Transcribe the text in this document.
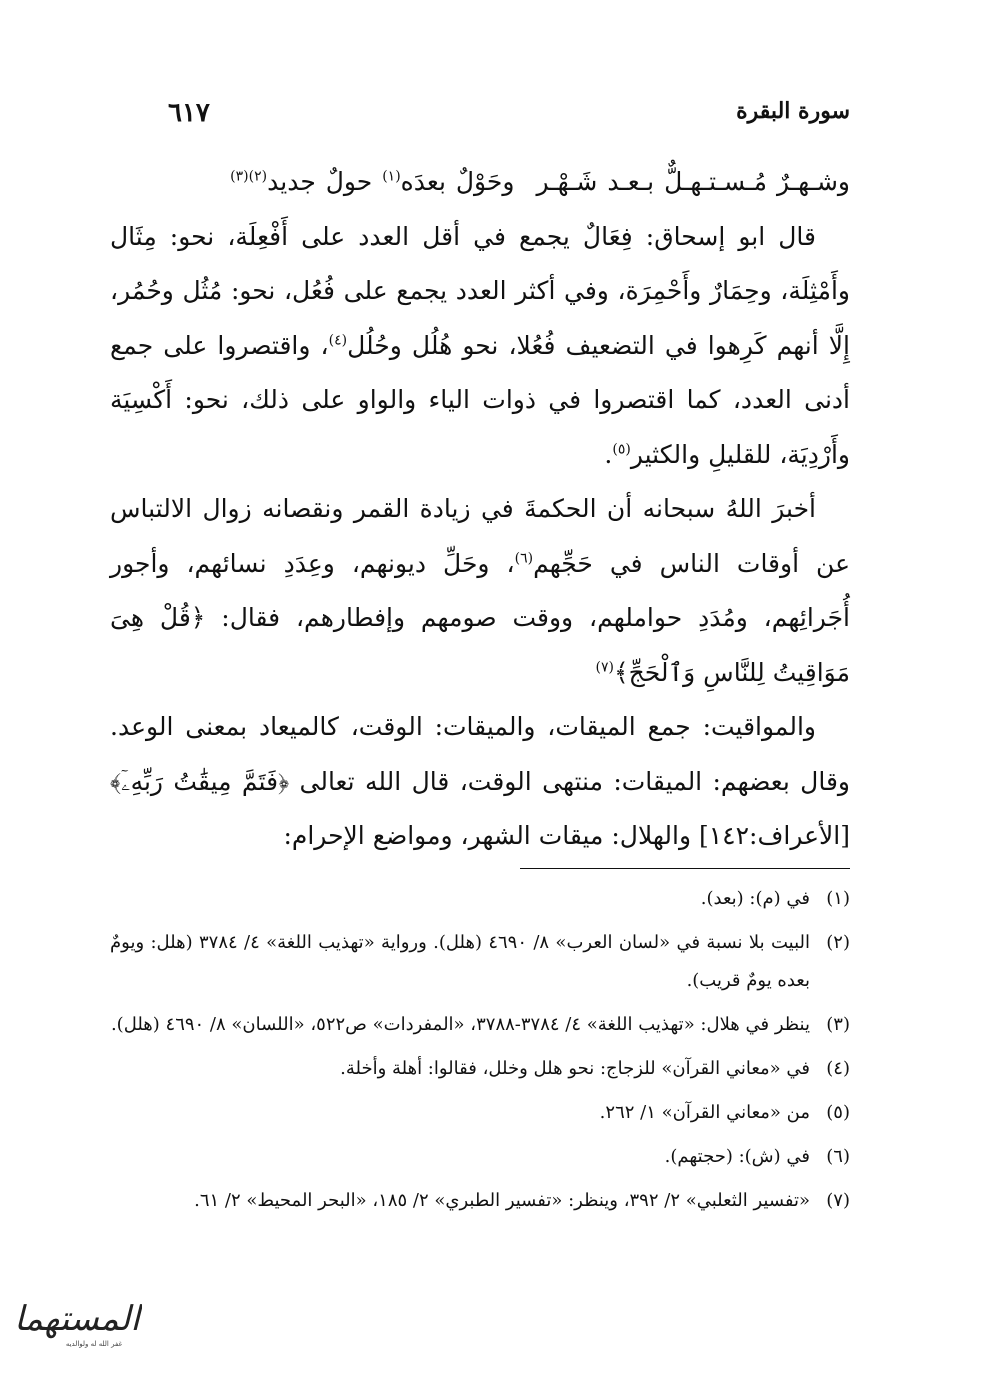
سورة البقرة
٦١٧

وشـهـرٌ مُـسـتـهـلٌّ بـعـد شَـهْـروحَوْلٌ بعدَه$^{(١)}$ حولٌ جديد$^{(٢)(٣)}$

قال ابو إسحاق: فِعَالٌ يجمع في أقل العدد على أَفْعِلَة، نحو: مِثَال وأَمْثِلَة، وحِمَارٌ وأَحْمِرَة، وفي أكثر العدد يجمع على فُعُل، نحو: مُثُل وحُمُر، إِلَّا أنهم كَرِهوا في التضعيف فُعُلا، نحو هُلُل وحُلُل$^{(٤)}$، واقتصروا على جمع أدنى العدد، كما اقتصروا في ذوات الياء والواو على ذلك، نحو: أَكْسِيَة وأَرْدِيَة، للقليلِ والكثير$^{(٥)}$.

أخبرَ اللهُ سبحانه أن الحكمةَ في زيادة القمر ونقصانه زوال الالتباس عن أوقات الناس في حَجِّهم$^{(٦)}$، وحَلِّ ديونهم، وعِدَدِ نسائهم، وأجور أُجَرائِهم، ومُدَدِ حواملهم، ووقت صومهم وإفطارهم، فقال: ﴿قُلْ هِىَ مَوَاقِيتُ لِلنَّاسِ وَٱلْحَجِّ﴾$^{(٧)}$

والمواقيت: جمع الميقات، والميقات: الوقت، كالميعاد بمعنى الوعد. وقال بعضهم: الميقات: منتهى الوقت، قال الله تعالى ﴿فَتَمَّ مِيقَٰتُ رَبِّهِۦٓ﴾ [الأعراف:١٤٢] والهلال: ميقات الشهر، ومواضع الإحرام:

(١)
في (م): (بعد).
(٢)
البيت بلا نسبة في «لسان العرب» ٨/ ٤٦٩٠ (هلل). ورواية «تهذيب اللغة» ٤/ ٣٧٨٤ (هلل: ويومٌ بعده يومٌ قريب).
(٣)
ينظر في هلال: «تهذيب اللغة» ٤/ ٣٧٨٤-٣٧٨٨، «المفردات» ص٥٢٢، «اللسان» ٨/ ٤٦٩٠ (هلل).
(٤)
في «معاني القرآن» للزجاج: نحو هلل وخلل، فقالوا: أهلة وأخلة.
(٥)
من «معاني القرآن» ١/ ٢٦٢.
(٦)
في (ش): (حجتهم).
(٧)
«تفسير الثعلبي» ٢/ ٣٩٢، وينظر: «تفسير الطبري» ٢/ ١٨٥، «البحر المحيط» ٢/ ٦١.
المستهما
غفر الله له ولوالديه
